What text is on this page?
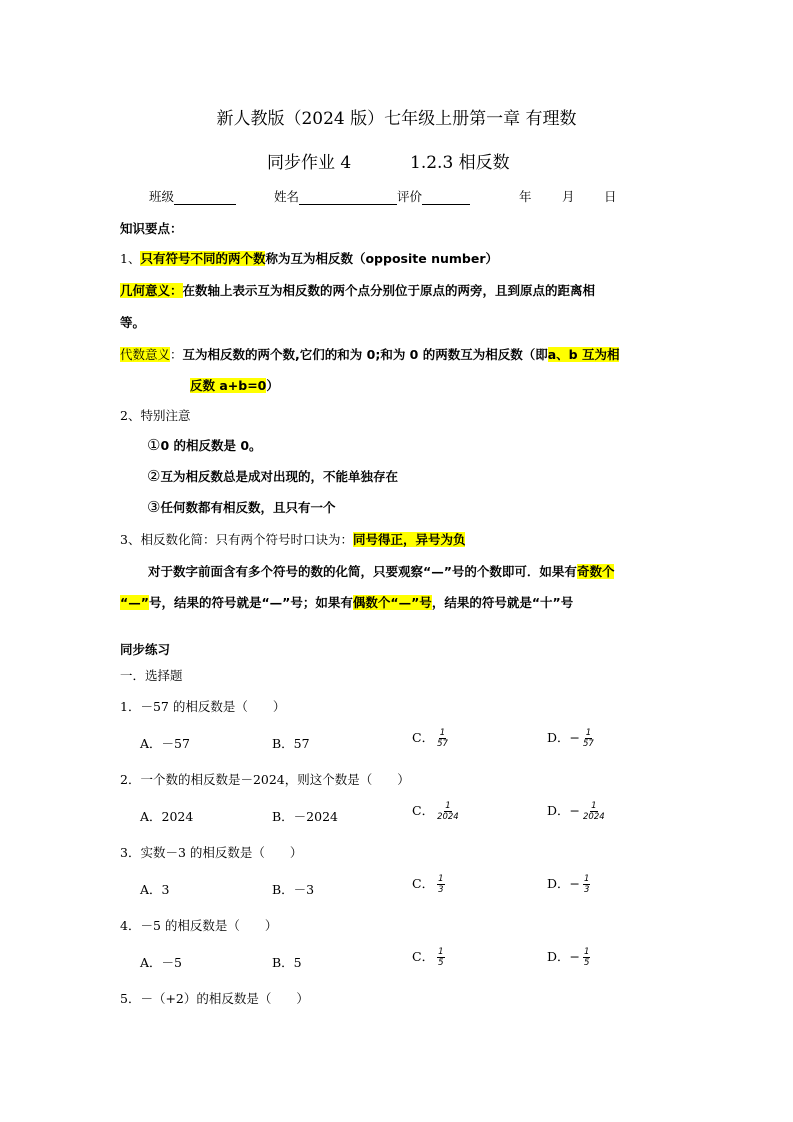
新人教版（2024 版）七年级上册第一章 有理数
同步作业 4	1.2.3 相反数
班级	姓名	评价	年 月 日
知识要点：
1、只有符号不同的两个数称为互为相反数（opposite number）
几何意义：在数轴上表示互为相反数的两个点分别位于原点的两旁，且到原点的距离相
等。
代数意义：互为相反数的两个数,它们的和为 0;和为 0 的两数互为相反数（即a、b 互为相
反数 a+b=0）
2、特别注意
①0 的相反数是 0。
②互为相反数总是成对出现的，不能单独存在
③任何数都有相反数，且只有一个
3、相反数化简：只有两个符号时口诀为：同号得正，异号为负
对于数字前面含有多个符号的数的化简，只要观察“—”号的个数即可．如果有奇数个
“—”号，结果的符号就是“—”号；如果有偶数个“—”号，结果的符号就是“十”号
同步练习
一．选择题
1．－57 的相反数是（　　）
A．－57	B．57	C． $\frac{1}{57}$	D．− $\frac{1}{57}$
2．一个数的相反数是－2024，则这个数是（　　）
A．2024	B．－2024	C． $\frac{1}{2024}$	D．− $\frac{1}{2024}$
3．实数－3 的相反数是（　　）
A．3	B．－3	C． $\frac{1}{3}$	D．− $\frac{1}{3}$
4．－5 的相反数是（　　）
A．－5	B．5	C． $\frac{1}{5}$	D．− $\frac{1}{5}$
5．－（+2）的相反数是（　　）
